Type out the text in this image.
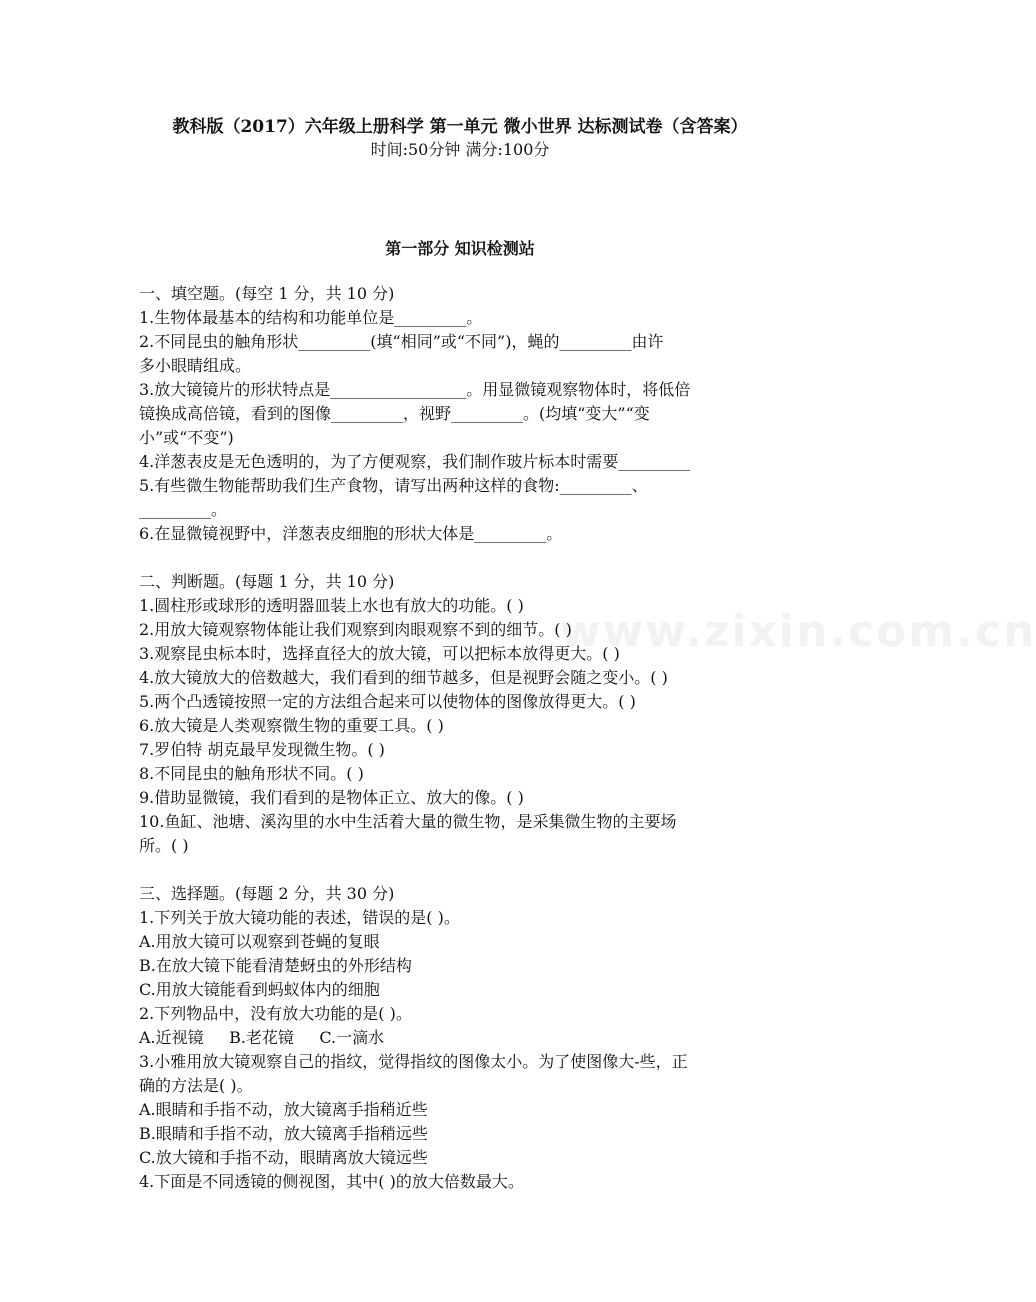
教科版（2017）六年级上册科学 第一单元 微小世界 达标测试卷（含答案）
时间:50分钟 满分:100分
第一部分 知识检测站
www.zixin.com.cn
一、填空题。(每空 1 分，共 10 分)
1.生物体最基本的结构和功能单位是_________。
2.不同昆虫的触角形状_________(填“相同”或“不同”)，蝇的_________由许
多小眼睛组成。
3.放大镜镜片的形状特点是_________________。用显微镜观察物体时，将低倍
镜换成高倍镜，看到的图像_________，视野_________。(均填“变大”“变
小”或“不变”)
4.洋葱表皮是无色透明的，为了方便观察，我们制作玻片标本时需要_________
5.有些微生物能帮助我们生产食物，请写出两种这样的食物:_________、
_________。
6.在显微镜视野中，洋葱表皮细胞的形状大体是_________。
二、判断题。(每题 1 分，共 10 分)
1.圆柱形或球形的透明器皿装上水也有放大的功能。( )
2.用放大镜观察物体能让我们观察到肉眼观察不到的细节。( )
3.观察昆虫标本时，选择直径大的放大镜，可以把标本放得更大。( )
4.放大镜放大的倍数越大，我们看到的细节越多，但是视野会随之变小。( )
5.两个凸透镜按照一定的方法组合起来可以使物体的图像放得更大。( )
6.放大镜是人类观察微生物的重要工具。( )
7.罗伯特 胡克最早发现微生物。( )
8.不同昆虫的触角形状不同。( )
9.借助显微镜，我们看到的是物体正立、放大的像。( )
10.鱼缸、池塘、溪沟里的水中生活着大量的微生物，是采集微生物的主要场
所。( )
三、选择题。(每题 2 分，共 30 分)
1.下列关于放大镜功能的表述，错误的是( )。
A.用放大镜可以观察到苍蝇的复眼
B.在放大镜下能看清楚蚜虫的外形结构
C.用放大镜能看到蚂蚁体内的细胞
2.下列物品中，没有放大功能的是( )。
A.近视镜     B.老花镜     C.一滴水
3.小雅用放大镜观察自己的指纹，觉得指纹的图像太小。为了使图像大-些，正
确的方法是( )。
A.眼睛和手指不动，放大镜离手指稍近些
B.眼睛和手指不动，放大镜离手指稍远些
C.放大镜和手指不动，眼睛离放大镜远些
4.下面是不同透镜的侧视图，其中( )的放大倍数最大。
